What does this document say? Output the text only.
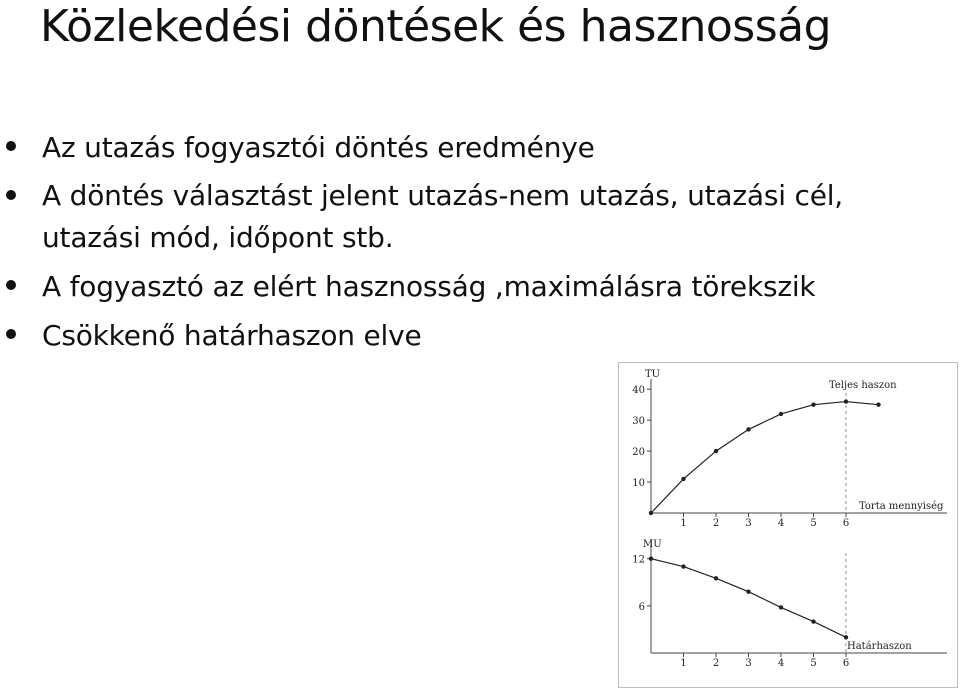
Közlekedési döntések és hasznosság
Az utazás fogyasztói döntés eredménye
A döntés választást jelent utazás-nem utazás, utazási cél, utazási mód, időpont stb.
A fogyasztó az elért hasznosság ,maximálásra törekszik
Csökkenő határhaszon elve
TU
10
20
30
40
1	2	3	4	5	6
Teljes haszon
Torta mennyiség
MU
6
12
1	2	3	4	5	6
Határhaszon
